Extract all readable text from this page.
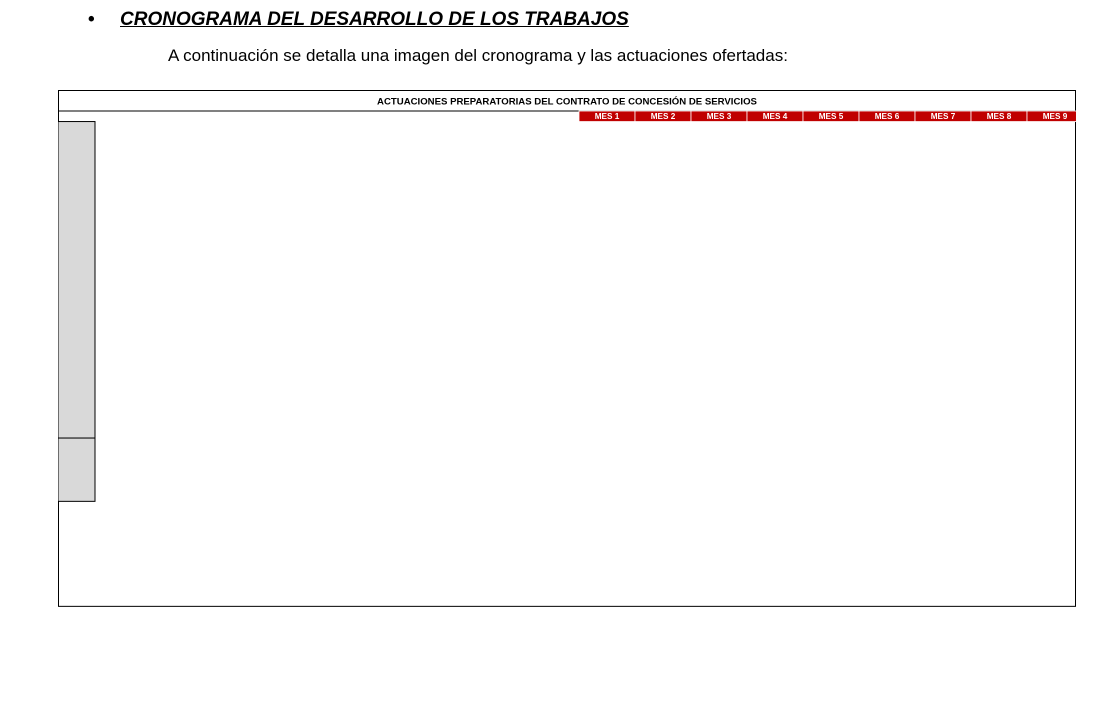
• CRONOGRAMA DEL DESARROLLO DE LOS TRABAJOS
A continuación se detalla una imagen del cronograma y las actuaciones ofertadas:
ACTUACIONES PREPARATORIAS DEL CONTRATO DE CONCESIÓN DE SERVICIOS
MES 1	MES 2	MES 3	MES 4	MES 5	MES 6	MES 7	MES 8	MES 9
